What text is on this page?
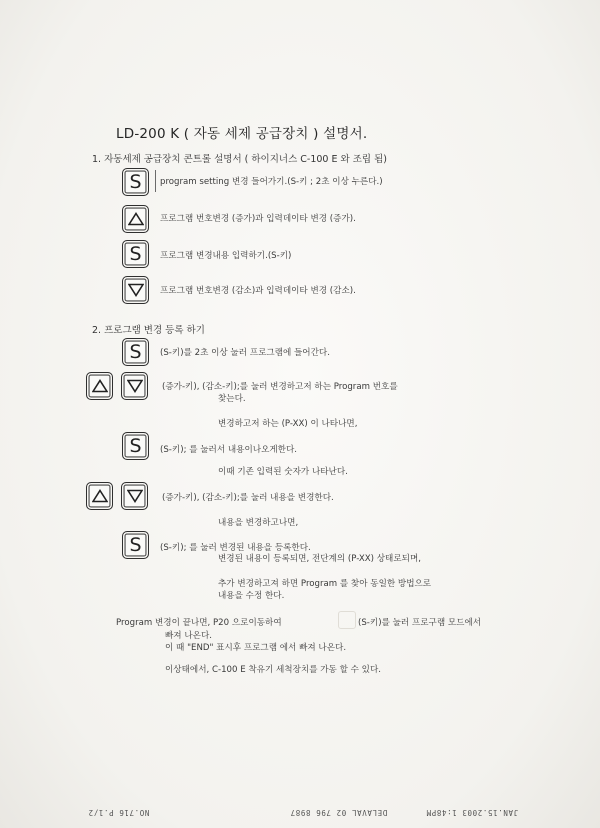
LD-200 K ( 자동 세제 공급장치 ) 설명서.
1. 자동세제 공급장치 콘트롤 설명서 ( 하이지너스 C-100 E 와 조립 됨)
S program setting 변경 들어가기.(S-키 ; 2초 이상 누른다.)
프로그램 번호변경 (증가)과 입력데이타 변경 (증가).
S 프로그램 변경내용 입력하기.(S-키)
프로그램 번호변경 (감소)과 입력데이타 변경 (감소).
2. 프로그램 변경 등록 하기
S (S-키)를 2초 이상 눌러 프로그램에 들어간다.
(증가-키), (감소-키);를 눌러 변경하고저 하는 Program 번호를
찾는다.
변경하고저 하는 (P-XX) 이 나타나면,
S (S-키); 를 눌러서 내용이나오게한다.
이때 기존 입력된 숫자가 나타난다.
(증가-키), (감소-키);를 눌러 내용을 변경한다.
내용을 변경하고나면,
S (S-키); 를 눌러 변경된 내용을 등록한다.
변경된 내용이 등록되면, 전단계의 (P-XX) 상태로되며,
추가 변경하고져 하면 Program 를 찾아 동일한 방법으로
내용을 수정 한다.
Program 변경이 끝나면, P20 으로이동하여	(S-키)를 눌러 프로구램 모드에서
빠져 나온다.
이 때 "END" 표시후 프로그램 에서 빠져 나온다.
이상태에서, C-100 E 착유기 세척장치를 가동 할 수 있다.
NO.716 P.1/2	DELAVAL 02 796 8987	JAN.15.2003 1:48PM
